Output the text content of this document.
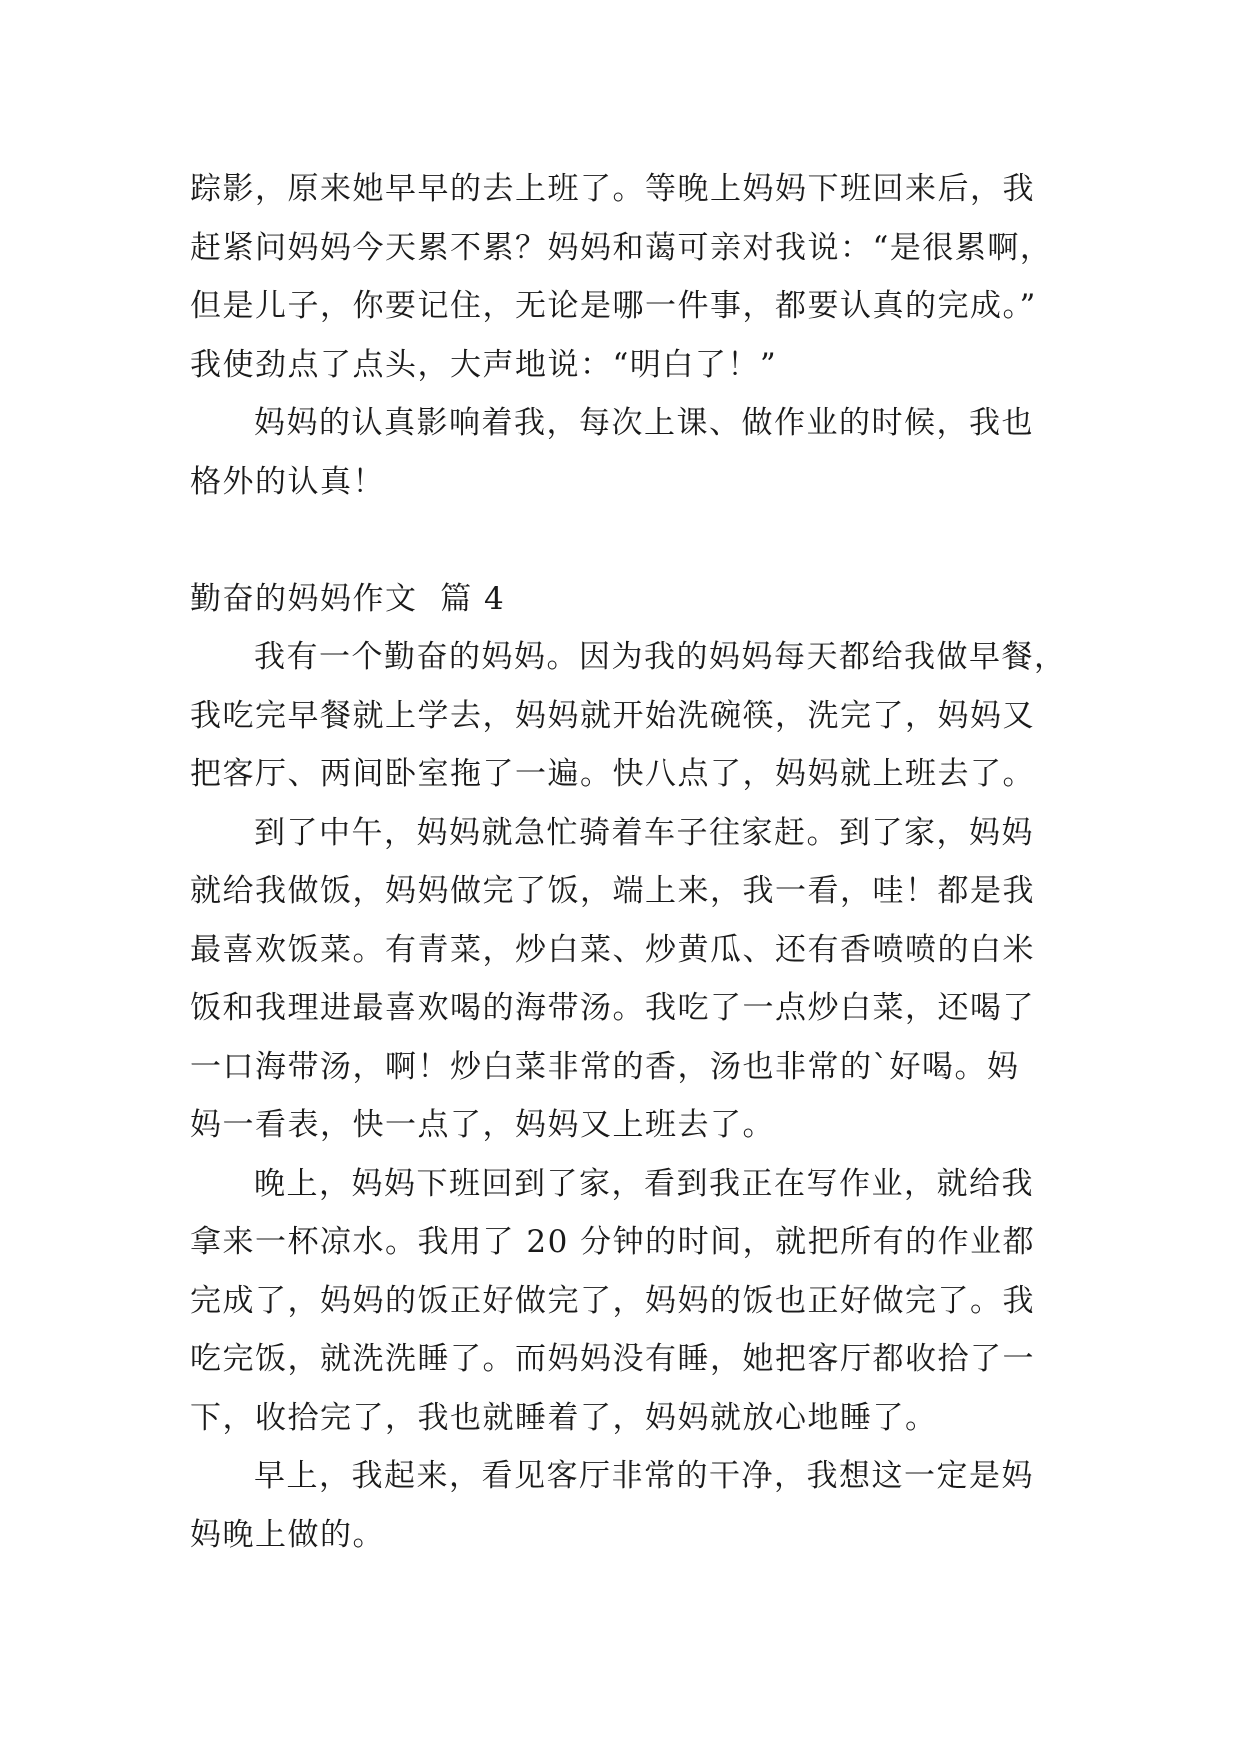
踪影，原来她早早的去上班了。等晚上妈妈下班回来后，我
赶紧问妈妈今天累不累？妈妈和蔼可亲对我说：“是很累啊，
但是儿子，你要记住，无论是哪一件事，都要认真的完成。”
我使劲点了点头，大声地说：“明白了！”
妈妈的认真影响着我，每次上课、做作业的时候，我也
格外的认真！
勤奋的妈妈作文  篇 4
我有一个勤奋的妈妈。因为我的妈妈每天都给我做早餐，
我吃完早餐就上学去，妈妈就开始洗碗筷，洗完了，妈妈又
把客厅、两间卧室拖了一遍。快八点了，妈妈就上班去了。
到了中午，妈妈就急忙骑着车子往家赶。到了家，妈妈
就给我做饭，妈妈做完了饭，端上来，我一看，哇！都是我
最喜欢饭菜。有青菜，炒白菜、炒黄瓜、还有香喷喷的白米
饭和我理进最喜欢喝的海带汤。我吃了一点炒白菜，还喝了
一口海带汤，啊！炒白菜非常的香，汤也非常的`好喝。妈
妈一看表，快一点了，妈妈又上班去了。
晚上，妈妈下班回到了家，看到我正在写作业，就给我
拿来一杯凉水。我用了 20 分钟的时间，就把所有的作业都
完成了，妈妈的饭正好做完了，妈妈的饭也正好做完了。我
吃完饭，就洗洗睡了。而妈妈没有睡，她把客厅都收拾了一
下，收拾完了，我也就睡着了，妈妈就放心地睡了。
早上，我起来，看见客厅非常的干净，我想这一定是妈
妈晚上做的。
